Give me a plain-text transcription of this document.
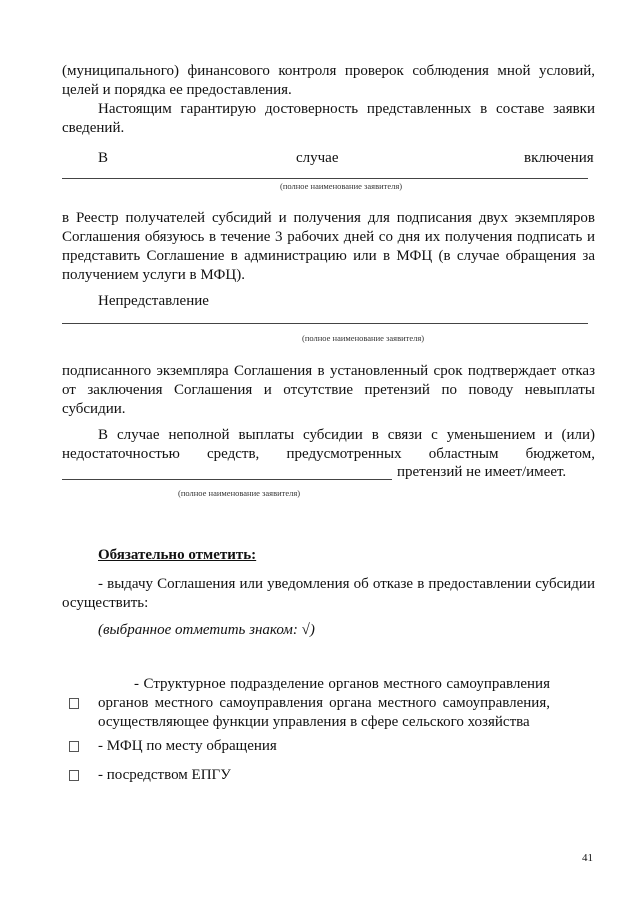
(муниципального) финансового контроля проверок соблюдения мной условий, целей и порядка ее предоставления.

Настоящим гарантирую достоверность представленных в составе заявки сведений.

В	случае	включения
(полное наименование заявителя)

в Реестр получателей субсидий и получения для подписания двух экземпляров Соглашения обязуюсь в течение 3 рабочих дней со дня их получения подписать и представить Соглашение в администрацию или в МФЦ (в случае обращения за получением услуги в МФЦ).

Непредставление

(полное наименование заявителя)

подписанного экземпляра Соглашения в установленный срок подтверждает отказ от заключения Соглашения и отсутствие претензий по поводу невыплаты субсидии.

В случае неполной выплаты субсидии в связи с уменьшением и (или) недостаточностью средств, предусмотренных областным бюджетом,

претензий не имеет/имеет.
(полное наименование заявителя)
Обязательно отметить:

- выдачу Соглашения или уведомления об отказе в предоставлении субсидии осуществить:

(выбранное отметить знаком: √)

- Структурное подразделение органов местного самоуправления органов местного самоуправления органа местного самоуправления, осуществляющее функции управления в сфере сельского хозяйства

- МФЦ по месту обращения

- посредством ЕПГУ

41
